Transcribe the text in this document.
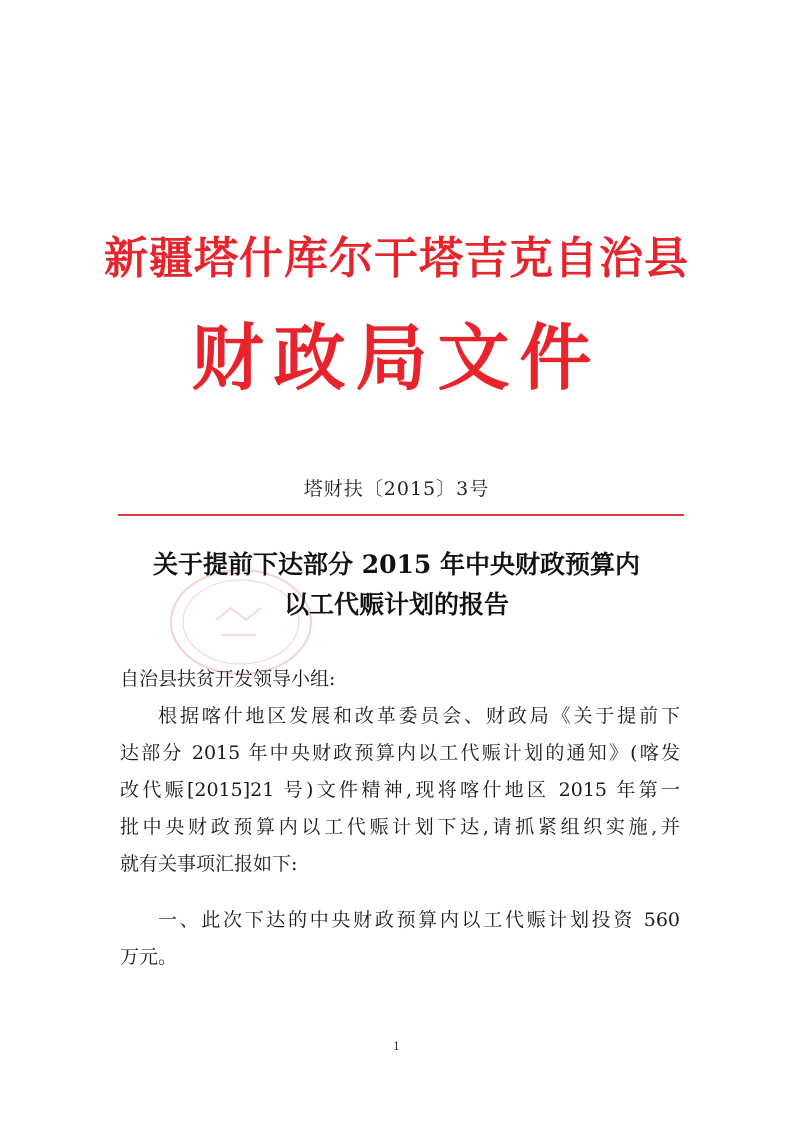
新疆塔什库尔干塔吉克自治县
财政局文件
塔财扶〔2015〕3号
关于提前下达部分 2015 年中央财政预算内
以工代赈计划的报告
自治县扶贫开发领导小组:
根据喀什地区发展和改革委员会、财政局《关于提前下
达部分 2015 年中央财政预算内以工代赈计划的通知》(喀发
改代赈[2015]21 号)文件精神,现将喀什地区 2015 年第一
批中央财政预算内以工代赈计划下达,请抓紧组织实施,并
就有关事项汇报如下:
一、此次下达的中央财政预算内以工代赈计划投资 560
万元。
1
